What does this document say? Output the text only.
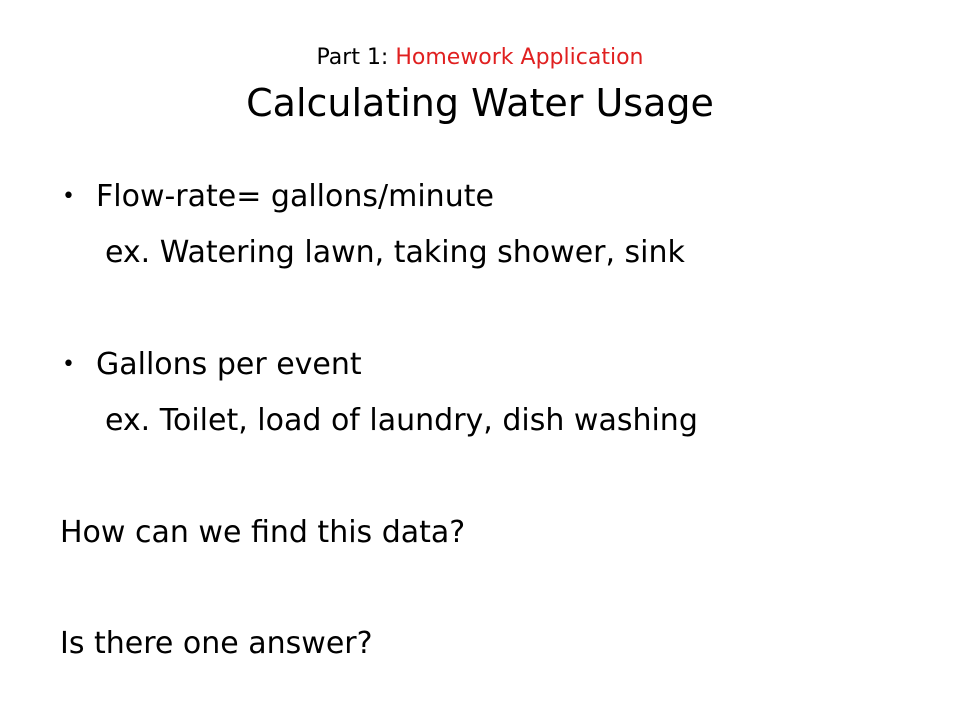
Part 1: Homework Application
Calculating Water Usage
• Flow-rate= gallons/minute
ex. Watering lawn, taking shower, sink
• Gallons per event
ex. Toilet, load of laundry, dish washing
How can we find this data?
Is there one answer?
